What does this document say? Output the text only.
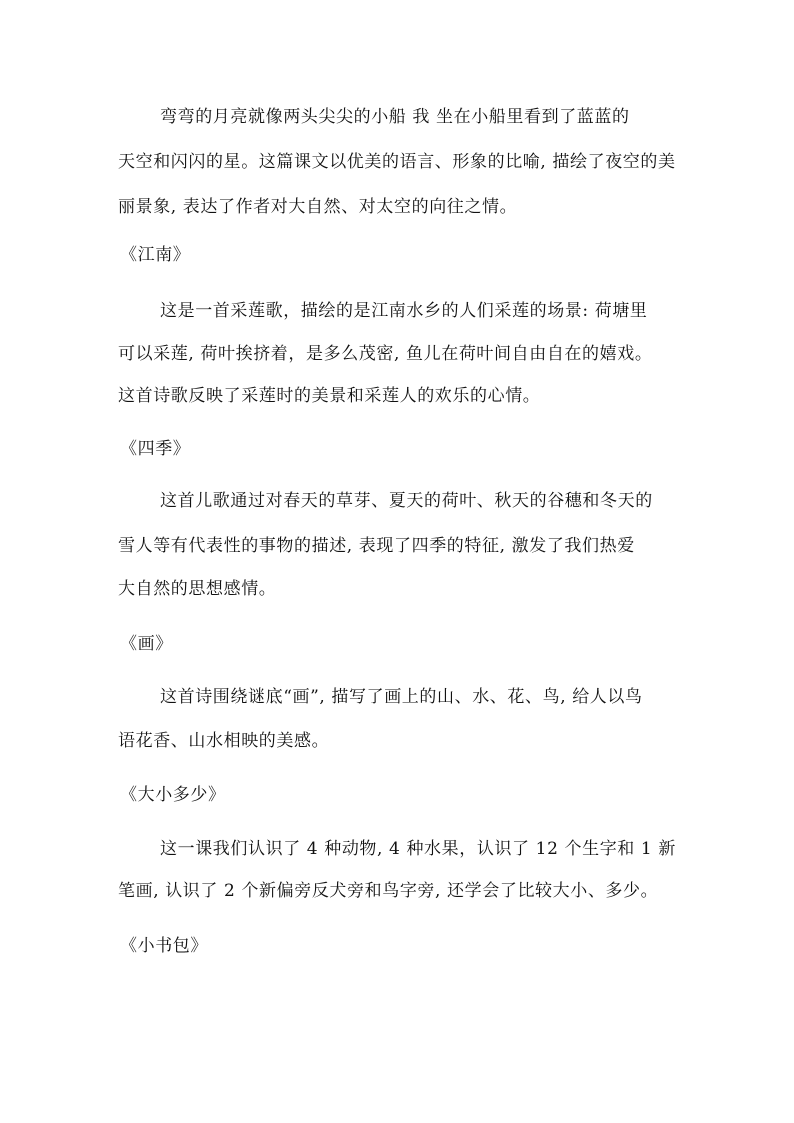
弯弯的月亮就像两头尖尖的小船 我 坐在小船里看到了蓝蓝的
天空和闪闪的星。这篇课文以优美的语言、形象的比喻, 描绘了夜空的美
丽景象, 表达了作者对大自然、对太空的向往之情。
《江南》
这是一首采莲歌，描绘的是江南水乡的人们采莲的场景: 荷塘里
可以采莲, 荷叶挨挤着，是多么茂密, 鱼儿在荷叶间自由自在的嬉戏。
这首诗歌反映了采莲时的美景和采莲人的欢乐的心情。
《四季》
这首儿歌通过对春天的草芽、夏天的荷叶、秋天的谷穗和冬天的
雪人等有代表性的事物的描述, 表现了四季的特征, 激发了我们热爱
大自然的思想感情。
《画》
这首诗围绕谜底“画”, 描写了画上的山、水、花、鸟, 给人以鸟
语花香、山水相映的美感。
《大小多少》
这一课我们认识了 4 种动物, 4 种水果，认识了 12 个生字和 1 新
笔画, 认识了 2 个新偏旁反犬旁和鸟字旁, 还学会了比较大小、多少。
《小书包》
